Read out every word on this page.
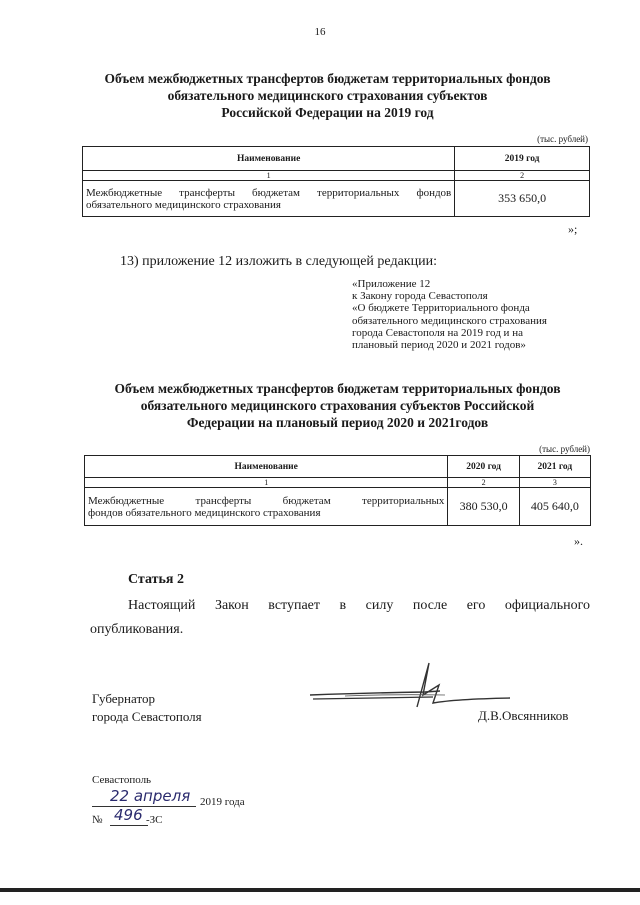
16
Объем межбюджетных трансфертов бюджетам территориальных фондов
обязательного медицинского страхования субъектов
Российской Федерации на 2019 год
(тыс. рублей)
Наименование	2019 год
1	2

Межбюджетные трансферты бюджетам территориальных фондов
обязательного медицинского страхования	353 650,0
»;
13) приложение 12 изложить в следующей редакции:
«Приложение 12
к Закону города Севастополя
«О бюджете Территориального фонда
обязательного медицинского страхования
города Севастополя на 2019 год и на
плановый период 2020 и 2021 годов»
Объем межбюджетных трансфертов бюджетам территориальных фондов
обязательного медицинского страхования субъектов Российской
Федерации на плановый период 2020 и 2021годов
(тыс. рублей)
Наименование	2020 год	2021 год
1	2	3

Межбюджетные трансферты бюджетам территориальных
фондов обязательного медицинского страхования	380 530,0	405 640,0
».
Статья 2
Настоящий Закон вступает в силу после его официального
опубликования.
Губернатор
города Севастополя	Д.В.Овсянников
Севастополь
22 апреля 2019 года
№ 496 -ЗС
